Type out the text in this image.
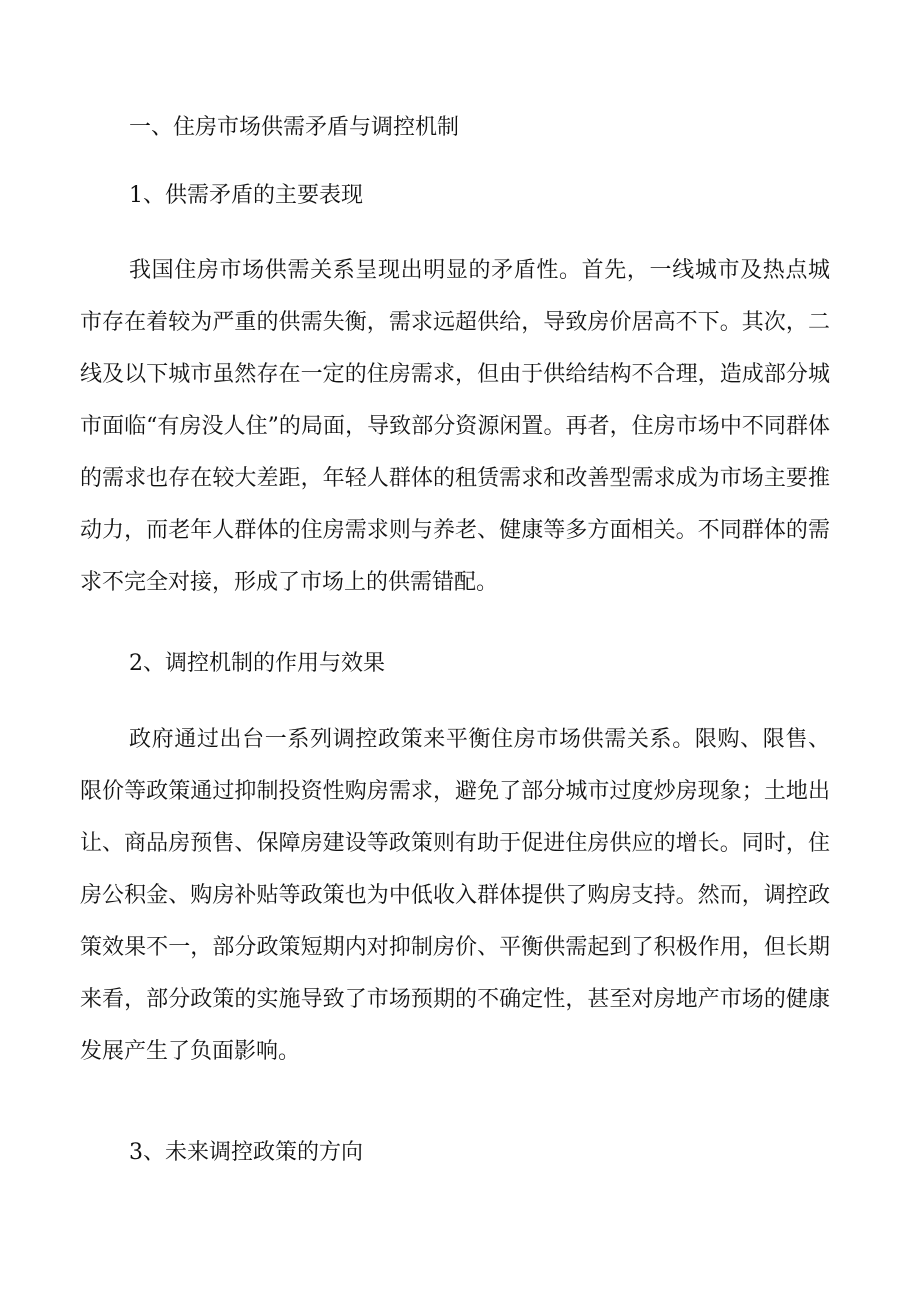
一、住房市场供需矛盾与调控机制
1、供需矛盾的主要表现
我国住房市场供需关系呈现出明显的矛盾性。首先，一线城市及热点城市存在着较为严重的供需失衡，需求远超供给，导致房价居高不下。其次，二线及以下城市虽然存在一定的住房需求，但由于供给结构不合理，造成部分城市面临“有房没人住”的局面，导致部分资源闲置。再者，住房市场中不同群体的需求也存在较大差距，年轻人群体的租赁需求和改善型需求成为市场主要推动力，而老年人群体的住房需求则与养老、健康等多方面相关。不同群体的需求不完全对接，形成了市场上的供需错配。
2、调控机制的作用与效果
政府通过出台一系列调控政策来平衡住房市场供需关系。限购、限售、限价等政策通过抑制投资性购房需求，避免了部分城市过度炒房现象；土地出让、商品房预售、保障房建设等政策则有助于促进住房供应的增长。同时，住房公积金、购房补贴等政策也为中低收入群体提供了购房支持。然而，调控政策效果不一，部分政策短期内对抑制房价、平衡供需起到了积极作用，但长期来看，部分政策的实施导致了市场预期的不确定性，甚至对房地产市场的健康发展产生了负面影响。
3、未来调控政策的方向
